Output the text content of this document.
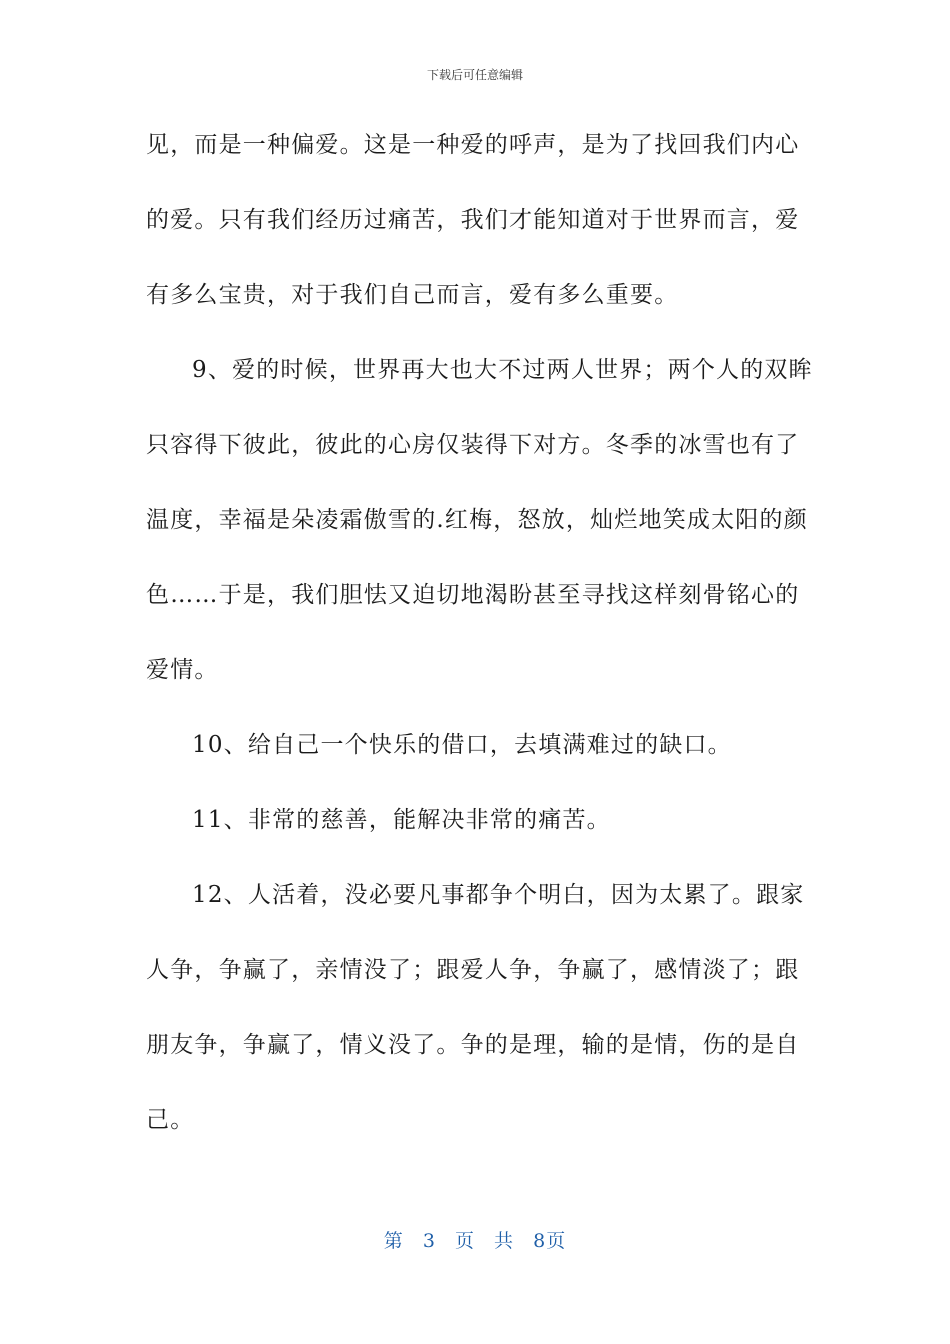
下载后可任意编辑
见，而是一种偏爱。这是一种爱的呼声，是为了找回我们内心
的爱。只有我们经历过痛苦，我们才能知道对于世界而言，爱
有多么宝贵，对于我们自己而言，爱有多么重要。
9、爱的时候，世界再大也大不过两人世界；两个人的双眸
只容得下彼此，彼此的心房仅装得下对方。冬季的冰雪也有了
温度，幸福是朵凌霜傲雪的.红梅，怒放，灿烂地笑成太阳的颜
色……于是，我们胆怯又迫切地渴盼甚至寻找这样刻骨铭心的
爱情。
10、给自己一个快乐的借口，去填满难过的缺口。
11、非常的慈善，能解决非常的痛苦。
12、人活着，没必要凡事都争个明白，因为太累了。跟家
人争，争赢了，亲情没了；跟爱人争，争赢了，感情淡了；跟
朋友争，争赢了，情义没了。争的是理，输的是情，伤的是自
己。
第 3 页 共 8页
